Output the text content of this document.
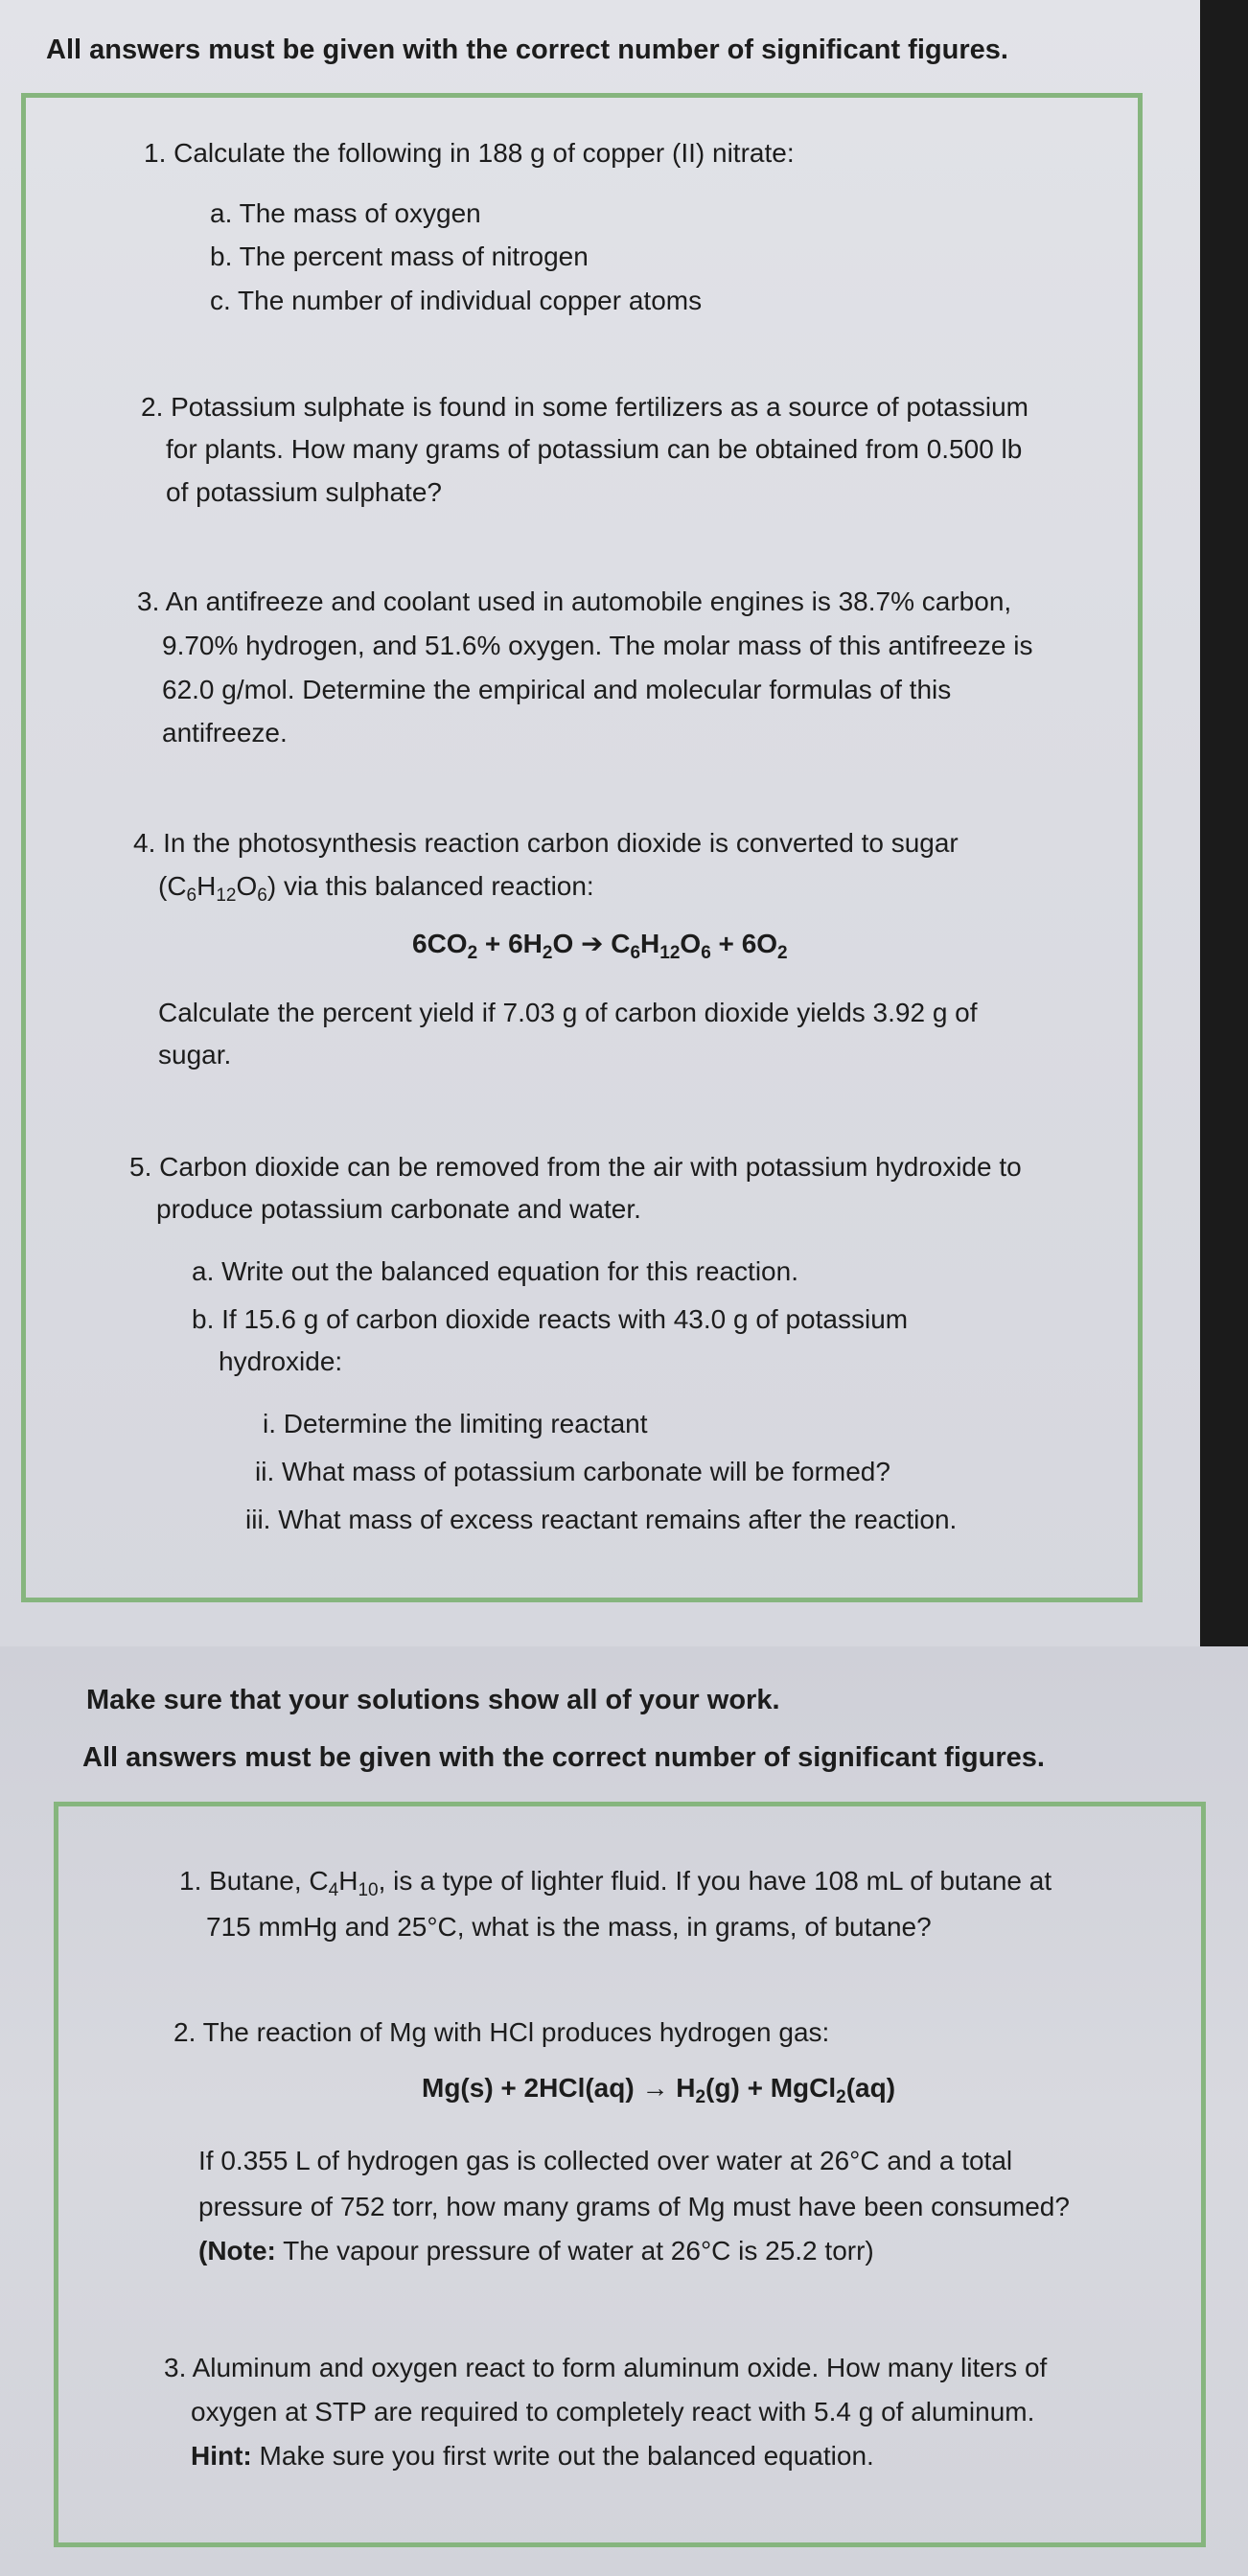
All answers must be given with the correct number of significant figures.
1. Calculate the following in 188 g of copper (II) nitrate:
a. The mass of oxygen
b. The percent mass of nitrogen
c. The number of individual copper atoms
2. Potassium sulphate is found in some fertilizers as a source of potassium
for plants. How many grams of potassium can be obtained from 0.500 lb
of potassium sulphate?
3. An antifreeze and coolant used in automobile engines is 38.7% carbon,
9.70% hydrogen, and 51.6% oxygen. The molar mass of this antifreeze is
62.0 g/mol. Determine the empirical and molecular formulas of this
antifreeze.
4. In the photosynthesis reaction carbon dioxide is converted to sugar
$(C_6H_{12}O_6)$ via this balanced reaction:
$6CO_2 + 6H_2O$ ➔ $C_6H_{12}O_6 + 6O_2$
Calculate the percent yield if 7.03 g of carbon dioxide yields 3.92 g of
sugar.
5. Carbon dioxide can be removed from the air with potassium hydroxide to
produce potassium carbonate and water.
a. Write out the balanced equation for this reaction.
b. If 15.6 g of carbon dioxide reacts with 43.0 g of potassium
hydroxide:
i. Determine the limiting reactant
ii. What mass of potassium carbonate will be formed?
iii. What mass of excess reactant remains after the reaction.
Make sure that your solutions show all of your work.
All answers must be given with the correct number of significant figures.
1. Butane, $C_4H_{10}$, is a type of lighter fluid. If you have 108 mL of butane at
715 mmHg and 25°C, what is the mass, in grams, of butane?
2. The reaction of Mg with HCl produces hydrogen gas:
$Mg(s) + 2HCl(aq) \to H_2(g)$ + MgCl$_2$(aq)
If 0.355 L of hydrogen gas is collected over water at 26°C and a total
pressure of 752 torr, how many grams of Mg must have been consumed?
(Note: The vapour pressure of water at 26°C is 25.2 torr)
3. Aluminum and oxygen react to form aluminum oxide. How many liters of
oxygen at STP are required to completely react with 5.4 g of aluminum.
Hint: Make sure you first write out the balanced equation.
